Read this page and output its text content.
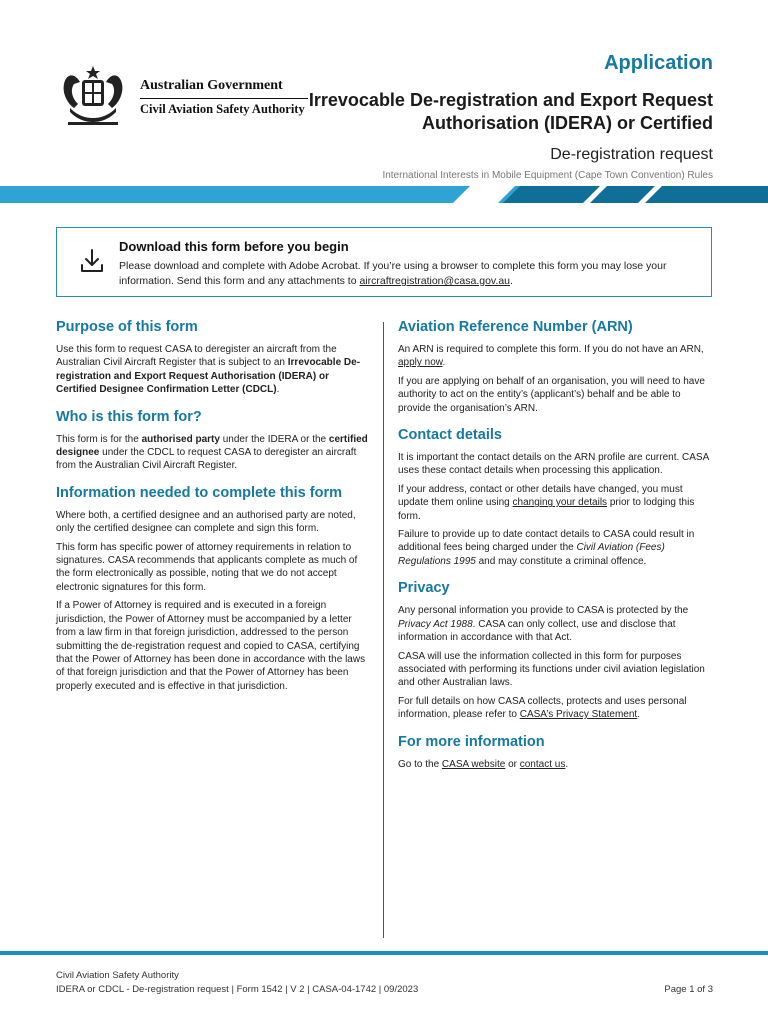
Australian Government
Civil Aviation Safety Authority
Application
Irrevocable De-registration and Export Request Authorisation (IDERA) or Certified
De-registration request
International Interests in Mobile Equipment (Cape Town Convention) Rules
Download this form before you begin
Please download and complete with Adobe Acrobat. If you’re using a browser to complete this form you may lose your information. Send this form and any attachments to aircraftregistration@casa.gov.au.
Purpose of this form

Use this form to request CASA to deregister an aircraft from the Australian Civil Aircraft Register that is subject to an Irrevocable De-registration and Export Request Authorisation (IDERA) or Certified Designee Confirmation Letter (CDCL).

Who is this form for?

This form is for the authorised party under the IDERA or the certified designee under the CDCL to request CASA to deregister an aircraft from the Australian Civil Aircraft Register.

Information needed to complete this form

Where both, a certified designee and an authorised party are noted, only the certified designee can complete and sign this form.

This form has specific power of attorney requirements in relation to signatures. CASA recommends that applicants complete as much of the form electronically as possible, noting that we do not accept electronic signatures for this form.

If a Power of Attorney is required and is executed in a foreign jurisdiction, the Power of Attorney must be accompanied by a letter from a law firm in that foreign jurisdiction, addressed to the person submitting the de-registration request and copied to CASA, certifying that the Power of Attorney has been done in accordance with the laws of that foreign jurisdiction and that the Power of Attorney has been properly executed and is effective in that jurisdiction.

Aviation Reference Number (ARN)

An ARN is required to complete this form. If you do not have an ARN, apply now.

If you are applying on behalf of an organisation, you will need to have authority to act on the entity’s (applicant’s) behalf and be able to provide the organisation’s ARN.

Contact details

It is important the contact details on the ARN profile are current. CASA uses these contact details when processing this application.

If your address, contact or other details have changed, you must update them online using changing your details prior to lodging this form.

Failure to provide up to date contact details to CASA could result in additional fees being charged under the Civil Aviation (Fees) Regulations 1995 and may constitute a criminal offence.

Privacy

Any personal information you provide to CASA is protected by the Privacy Act 1988. CASA can only collect, use and disclose that information in accordance with that Act.

CASA will use the information collected in this form for purposes associated with performing its functions under civil aviation legislation and other Australian laws.

For full details on how CASA collects, protects and uses personal information, please refer to CASA’s Privacy Statement.

For more information

Go to the CASA website or contact us.

Civil Aviation Safety Authority
IDERA or CDCL - De-registration request | Form 1542 | V 2 | CASA-04-1742 | 09/2023	Page 1 of 3
